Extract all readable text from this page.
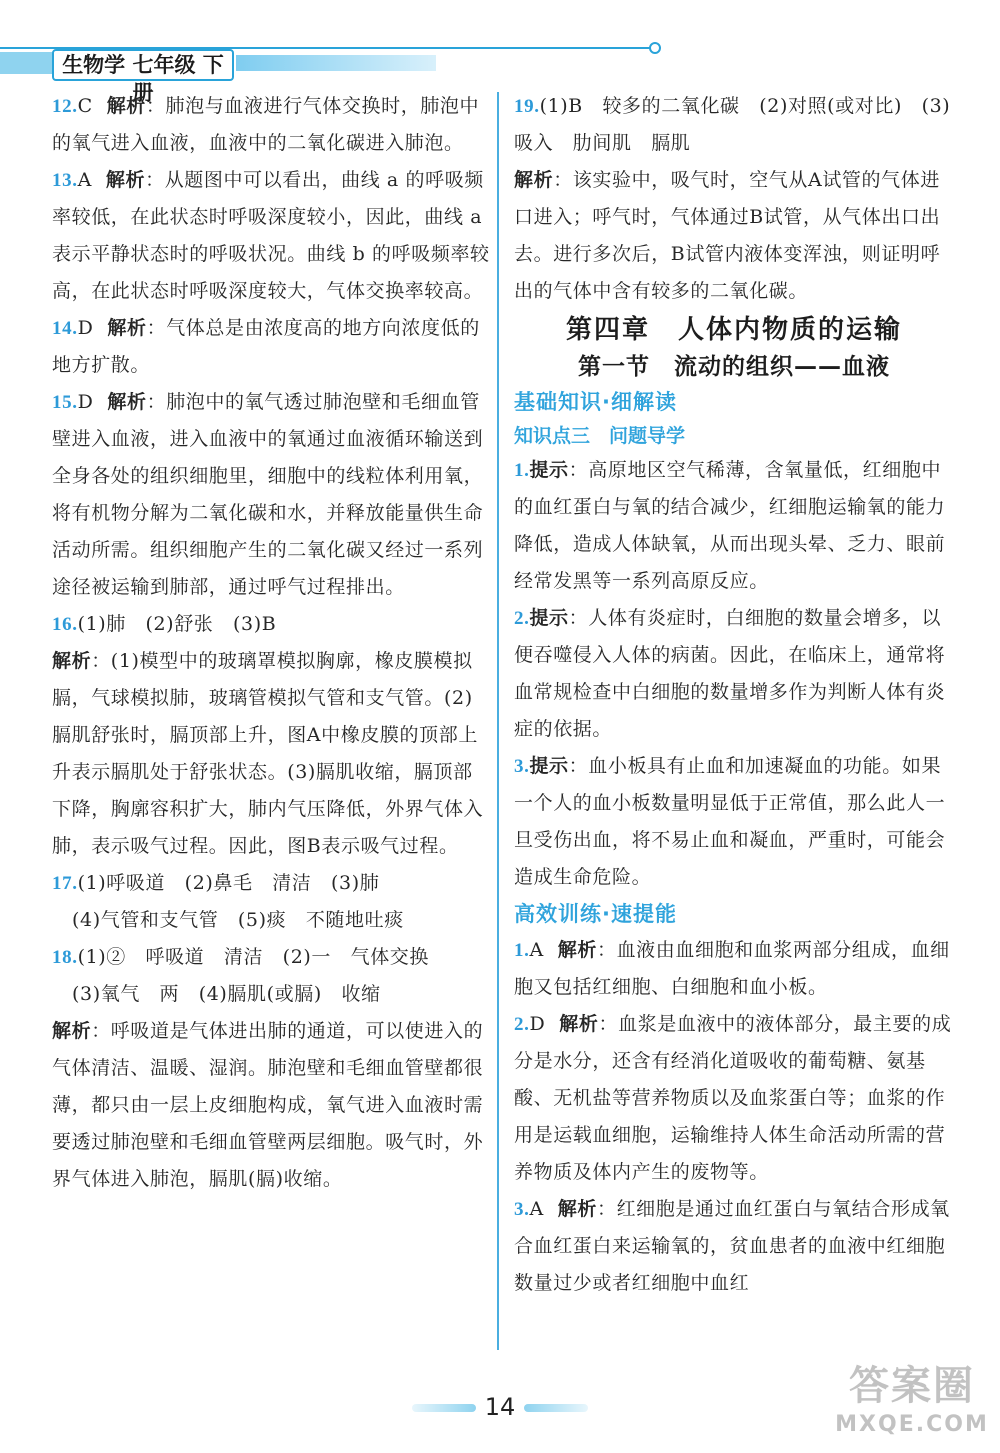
生物学 七年级 下册
12.C 解析：肺泡与血液进行气体交换时，肺泡中的氧气进入血液，血液中的二氧化碳进入肺泡。
13.A 解析：从题图中可以看出，曲线 a 的呼吸频率较低，在此状态时呼吸深度较小，因此，曲线 a 表示平静状态时的呼吸状况。曲线 b 的呼吸频率较高，在此状态时呼吸深度较大，气体交换率较高。
14.D 解析：气体总是由浓度高的地方向浓度低的地方扩散。
15.D 解析：肺泡中的氧气透过肺泡壁和毛细血管壁进入血液，进入血液中的氧通过血液循环输送到全身各处的组织细胞里，细胞中的线粒体利用氧，将有机物分解为二氧化碳和水，并释放能量供生命活动所需。组织细胞产生的二氧化碳又经过一系列途径被运输到肺部，通过呼气过程排出。
16.(1)肺　(2)舒张　(3)B
解析：(1)模型中的玻璃罩模拟胸廓，橡皮膜模拟膈，气球模拟肺，玻璃管模拟气管和支气管。(2)膈肌舒张时，膈顶部上升，图A中橡皮膜的顶部上升表示膈肌处于舒张状态。(3)膈肌收缩，膈顶部下降，胸廓容积扩大，肺内气压降低，外界气体入肺，表示吸气过程。因此，图B表示吸气过程。
17.(1)呼吸道　(2)鼻毛　清洁　(3)肺
(4)气管和支气管　(5)痰　不随地吐痰
18.(1)②　呼吸道　清洁　(2)一　气体交换
(3)氧气　两　(4)膈肌(或膈)　收缩
解析：呼吸道是气体进出肺的通道，可以使进入的气体清洁、温暖、湿润。肺泡壁和毛细血管壁都很薄，都只由一层上皮细胞构成，氧气进入血液时需要透过肺泡壁和毛细血管壁两层细胞。吸气时，外界气体进入肺泡，膈肌(膈)收缩。
19.(1)B　较多的二氧化碳　(2)对照(或对比)　(3)吸入　肋间肌　膈肌
解析：该实验中，吸气时，空气从A试管的气体进口进入；呼气时，气体通过B试管，从气体出口出去。进行多次后，B试管内液体变浑浊，则证明呼出的气体中含有较多的二氧化碳。
第四章　人体内物质的运输
第一节　流动的组织——血液
基础知识·细解读
知识点三　问题导学
1.提示：高原地区空气稀薄，含氧量低，红细胞中的血红蛋白与氧的结合减少，红细胞运输氧的能力降低，造成人体缺氧，从而出现头晕、乏力、眼前经常发黑等一系列高原反应。
2.提示：人体有炎症时，白细胞的数量会增多，以便吞噬侵入人体的病菌。因此，在临床上，通常将血常规检查中白细胞的数量增多作为判断人体有炎症的依据。
3.提示：血小板具有止血和加速凝血的功能。如果一个人的血小板数量明显低于正常值，那么此人一旦受伤出血，将不易止血和凝血，严重时，可能会造成生命危险。
高效训练·速提能
1.A 解析：血液由血细胞和血浆两部分组成，血细胞又包括红细胞、白细胞和血小板。
2.D 解析：血浆是血液中的液体部分，最主要的成分是水分，还含有经消化道吸收的葡萄糖、氨基酸、无机盐等营养物质以及血浆蛋白等；血浆的作用是运载血细胞，运输维持人体生命活动所需的营养物质及体内产生的废物等。
3.A 解析：红细胞是通过血红蛋白与氧结合形成氧合血红蛋白来运输氧的，贫血患者的血液中红细胞数量过少或者红细胞中血红
14	答案圈
MXQE.COM
